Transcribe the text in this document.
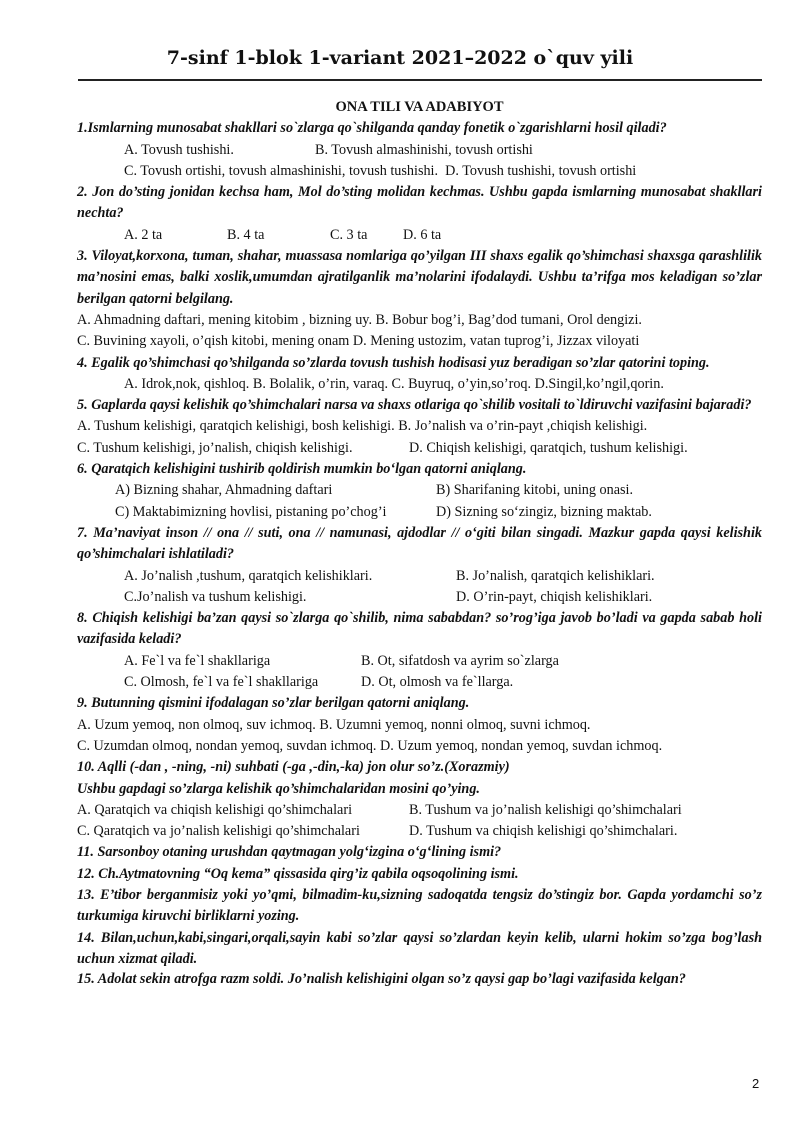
7-sinf 1-blok 1-variant 2021–2022 o`quv yili
ONA TILI VA ADABIYOT
1.Ismlarning munosabat shakllari so`zlarga qo`shilganda qanday fonetik o`zgarishlarni hosil qiladi?
A. Tovush tushishi.	B. Tovush almashinishi, tovush ortishi
C. Tovush ortishi, tovush almashinishi, tovush tushishi. D. Tovush tushishi, tovush ortishi
2. Jon do’sting jonidan kechsa ham, Mol do’sting molidan kechmas. Ushbu gapda ismlarning munosabat shakllari nechta?
A. 2 ta	B. 4 ta	C. 3 ta	D. 6 ta
3. Viloyat,korxona, tuman, shahar, muassasa nomlariga qo’yilgan III shaxs egalik qo’shimchasi shaxsga qarashlilik ma’nosini emas, balki xoslik,umumdan ajratilganlik ma’nolarini ifodalaydi. Ushbu ta’rifga mos keladigan so’zlar berilgan qatorni belgilang.
A. Ahmadning daftari, mening kitobim , bizning uy. B. Bobur bog’i, Bag’dod tumani, Orol dengizi.
C. Buvining xayoli, o’qish kitobi, mening onam D. Mening ustozim, vatan tuprog’i, Jizzax viloyati
4. Egalik qo’shimchasi qo’shilganda so’zlarda tovush tushish hodisasi yuz beradigan so’zlar qatorini toping.
A. Idrok,nok, qishloq. B. Bolalik, o’rin, varaq. C. Buyruq, o’yin,so’roq. D.Singil,ko’ngil,qorin.
5. Gaplarda qaysi kelishik qo’shimchalari narsa va shaxs otlariga qo`shilib vositali to`ldiruvchi vazifasini bajaradi?
A. Tushum kelishigi, qaratqich kelishigi, bosh kelishigi. B. Jo’nalish va o’rin-payt ,chiqish kelishigi.
C. Tushum kelishigi, jo’nalish, chiqish kelishigi.	D. Chiqish kelishigi, qaratqich, tushum kelishigi.
6. Qaratqich kelishigini tushirib qoldirish mumkin bo‘lgan qatorni aniqlang.
A) Bizning shahar, Ahmadning daftari	B) Sharifaning kitobi, uning onasi.
C) Maktabimizning hovlisi, pistaning po’chog’i	D) Sizning so‘zingiz, bizning maktab.
7. Ma’naviyat inson // ona // suti, ona // namunasi, ajdodlar // o‘giti bilan singadi. Mazkur gapda qaysi kelishik qo’shimchalari ishlatiladi?
A. Jo’nalish ,tushum, qaratqich kelishiklari.	B. Jo’nalish, qaratqich kelishiklari.
C.Jo’nalish va tushum kelishigi.	D. O’rin-payt, chiqish kelishiklari.
8. Chiqish kelishigi ba’zan qaysi so`zlarga qo`shilib, nima sababdan? so’rog’iga javob bo’ladi va gapda sabab holi vazifasida keladi?
A. Fe`l va fe`l shakllariga	B. Ot, sifatdosh va ayrim so`zlarga
C. Olmosh, fe`l va fe`l shakllariga	D. Ot, olmosh va fe`llarga.
9. Butunning qismini ifodalagan so’zlar berilgan qatorni aniqlang.
A. Uzum yemoq, non olmoq, suv ichmoq. B. Uzumni yemoq, nonni olmoq, suvni ichmoq.
C. Uzumdan olmoq, nondan yemoq, suvdan ichmoq. D. Uzum yemoq, nondan yemoq, suvdan ichmoq.
10. Aqlli (-dan , -ning, -ni) suhbati (-ga ,-din,-ka) jon olur so’z.(Xorazmiy)
Ushbu gapdagi so’zlarga kelishik qo’shimchalaridan mosini qo’ying.
A. Qaratqich va chiqish kelishigi qo’shimchalari	B. Tushum va jo’nalish kelishigi qo’shimchalari
C. Qaratqich va jo’nalish kelishigi qo’shimchalari	D. Tushum va chiqish kelishigi qo’shimchalari.
11. Sarsonboy otaning urushdan qaytmagan yolg‘izgina o‘g‘lining ismi?
12. Ch.Aytmatovning “Oq kema” qissasida qirg’iz qabila oqsoqolining ismi.
13. E’tibor berganmisiz yoki yo’qmi, bilmadim-ku,sizning sadoqatda tengsiz do’stingiz bor. Gapda yordamchi so’z turkumiga kiruvchi birliklarni yozing.
14. Bilan,uchun,kabi,singari,orqali,sayin kabi so’zlar qaysi so’zlardan keyin kelib, ularni hokim so’zga bog’lash uchun xizmat qiladi.
15. Adolat sekin atrofga razm soldi. Jo’nalish kelishigini olgan so’z qaysi gap bo’lagi vazifasida kelgan?
2
